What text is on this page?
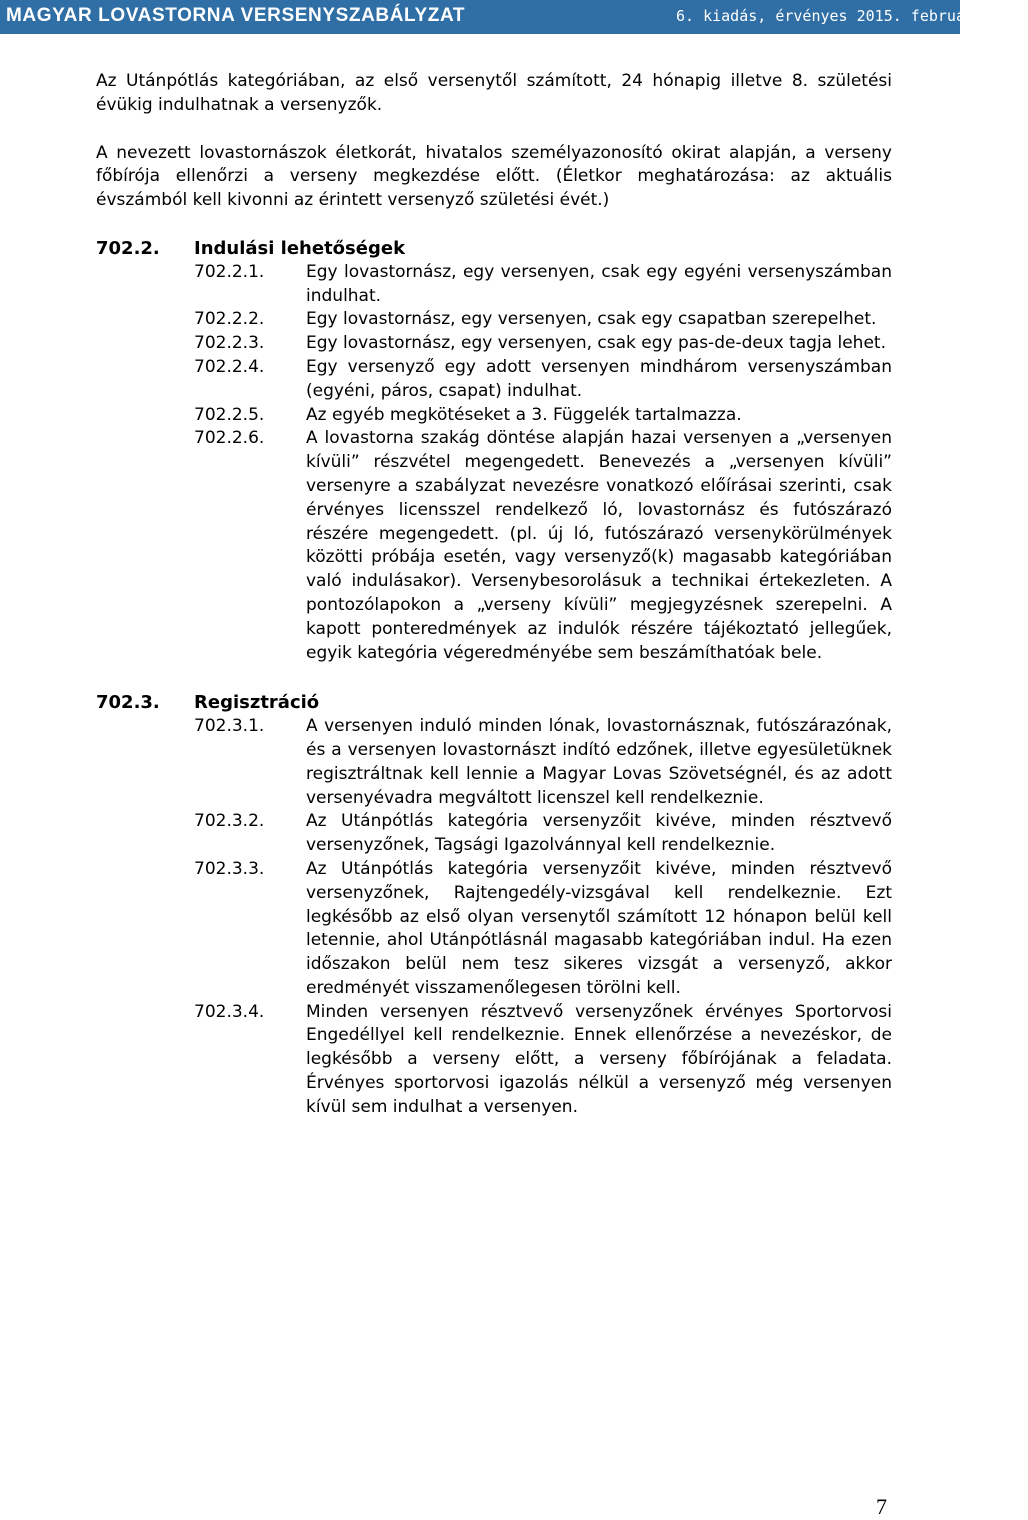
MAGYAR LOVASTORNA VERSENYSZABÁLYZAT	6. kiadás, érvényes 2015. február 8-tól

Az Utánpótlás kategóriában, az első versenytől számított, 24 hónapig illetve 8. születési évükig indulhatnak a versenyzők.

A nevezett lovastornászok életkorát, hivatalos személyazonosító okirat alapján, a verseny főbírója ellenőrzi a verseny megkezdése előtt. (Életkor meghatározása: az aktuális évszámból kell kivonni az érintett versenyző születési évét.)

702.2.	Indulási lehetőségek
702.2.1.	Egy lovastornász, egy versenyen, csak egy egyéni versenyszámban indulhat.
702.2.2.	Egy lovastornász, egy versenyen, csak egy csapatban szerepelhet.
702.2.3.	Egy lovastornász, egy versenyen, csak egy pas-de-deux tagja lehet.
702.2.4.	Egy versenyző egy adott versenyen mindhárom versenyszámban (egyéni, páros, csapat) indulhat.
702.2.5.	Az egyéb megkötéseket a 3. Függelék tartalmazza.
702.2.6.	A lovastorna szakág döntése alapján hazai versenyen a „versenyen kívüli” részvétel megengedett. Benevezés a „versenyen kívüli” versenyre a szabályzat nevezésre vonatkozó előírásai szerinti, csak érvényes licensszel rendelkező ló, lovastornász és futószárazó részére megengedett. (pl. új ló, futószárazó versenykörülmények közötti próbája esetén, vagy versenyző(k) magasabb kategóriában való indulásakor). Versenybesorolásuk a technikai értekezleten. A pontozólapokon a „verseny kívüli” megjegyzésnek szerepelni. A kapott ponteredmények az indulók részére tájékoztató jellegűek, egyik kategória végeredményébe sem beszámíthatóak bele.
702.3.	Regisztráció
702.3.1.	A versenyen induló minden lónak, lovastornásznak, futószárazónak, és a versenyen lovastornászt indító edzőnek, illetve egyesületüknek regisztráltnak kell lennie a Magyar Lovas Szövetségnél, és az adott versenyévadra megváltott licenszel kell rendelkeznie.
702.3.2.	Az Utánpótlás kategória versenyzőit kivéve, minden résztvevő versenyzőnek, Tagsági Igazolvánnyal kell rendelkeznie.
702.3.3.	Az Utánpótlás kategória versenyzőit kivéve, minden résztvevő versenyzőnek, Rajtengedély-vizsgával kell rendelkeznie. Ezt legkésőbb az első olyan versenytől számított 12 hónapon belül kell letennie, ahol Utánpótlásnál magasabb kategóriában indul. Ha ezen időszakon belül nem tesz sikeres vizsgát a versenyző, akkor eredményét visszamenőlegesen törölni kell.
702.3.4.	Minden versenyen résztvevő versenyzőnek érvényes Sportorvosi Engedéllyel kell rendelkeznie. Ennek ellenőrzése a nevezéskor, de legkésőbb a verseny előtt, a verseny főbírójának a feladata. Érvényes sportorvosi igazolás nélkül a versenyző még versenyen kívül sem indulhat a versenyen.
7
